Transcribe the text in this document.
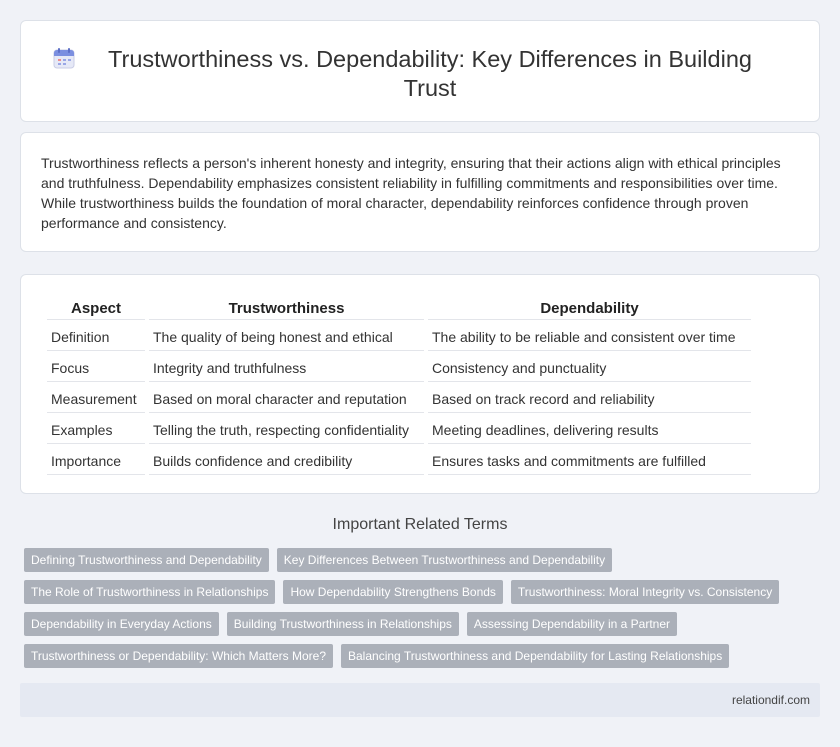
Trustworthiness vs. Dependability: Key Differences in Building Trust

Trustworthiness reflects a person's inherent honesty and integrity, ensuring that their actions align with ethical principles and truthfulness. Dependability emphasizes consistent reliability in fulfilling commitments and responsibilities over time. While trustworthiness builds the foundation of moral character, dependability reinforces confidence through proven performance and consistency.

Aspect	Trustworthiness	Dependability
Definition	The quality of being honest and ethical	The ability to be reliable and consistent over time
Focus	Integrity and truthfulness	Consistency and punctuality
Measurement	Based on moral character and reputation	Based on track record and reliability
Examples	Telling the truth, respecting confidentiality	Meeting deadlines, delivering results
Importance	Builds confidence and credibility	Ensures tasks and commitments are fulfilled
Important Related Terms
Defining Trustworthiness and Dependability	Key Differences Between Trustworthiness and Dependability
The Role of Trustworthiness in Relationships	How Dependability Strengthens Bonds	Trustworthiness: Moral Integrity vs. Consistency
Dependability in Everyday Actions	Building Trustworthiness in Relationships	Assessing Dependability in a Partner
Trustworthiness or Dependability: Which Matters More?	Balancing Trustworthiness and Dependability for Lasting Relationships
relationdif.com
